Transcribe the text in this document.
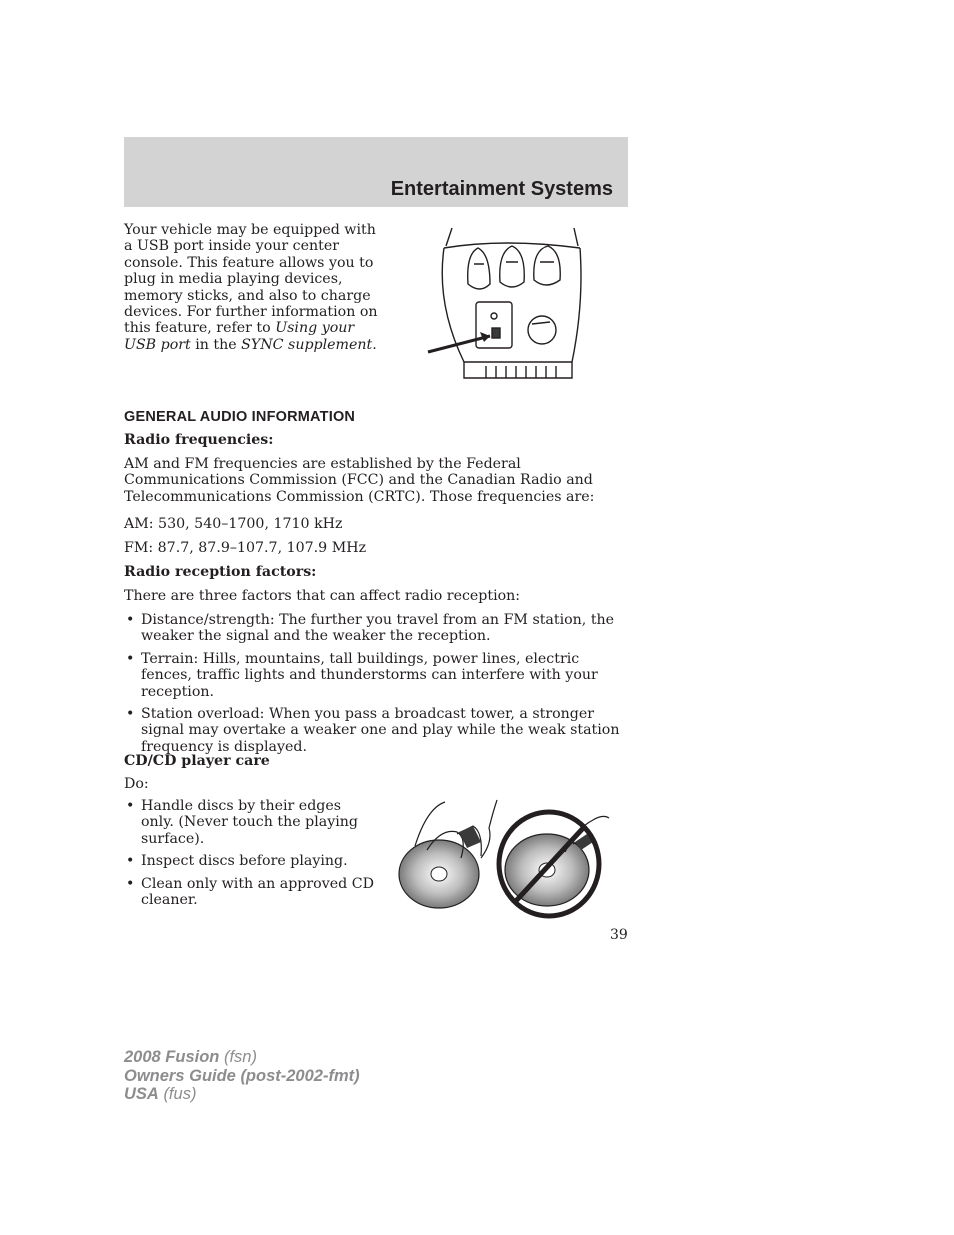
Entertainment Systems
Your vehicle may be equipped with a USB port inside your center console. This feature allows you to plug in media playing devices, memory sticks, and also to charge devices. For further information on this feature, refer to Using your USB port in the SYNC supplement.
GENERAL AUDIO INFORMATION
Radio frequencies:
AM and FM frequencies are established by the Federal Communications Commission (FCC) and the Canadian Radio and Telecommunications Commission (CRTC). Those frequencies are:
AM: 530, 540–1700, 1710 kHz
FM: 87.7, 87.9–107.7, 107.9 MHz
Radio reception factors:
There are three factors that can affect radio reception:
• Distance/strength: The further you travel from an FM station, the weaker the signal and the weaker the reception.
• Terrain: Hills, mountains, tall buildings, power lines, electric fences, traffic lights and thunderstorms can interfere with your reception.
• Station overload: When you pass a broadcast tower, a stronger signal may overtake a weaker one and play while the weak station frequency is displayed.
CD/CD player care
Do:
• Handle discs by their edges only. (Never touch the playing surface).
• Inspect discs before playing.
• Clean only with an approved CD cleaner.
39
2008 Fusion (fsn)
Owners Guide (post-2002-fmt)
USA (fus)
